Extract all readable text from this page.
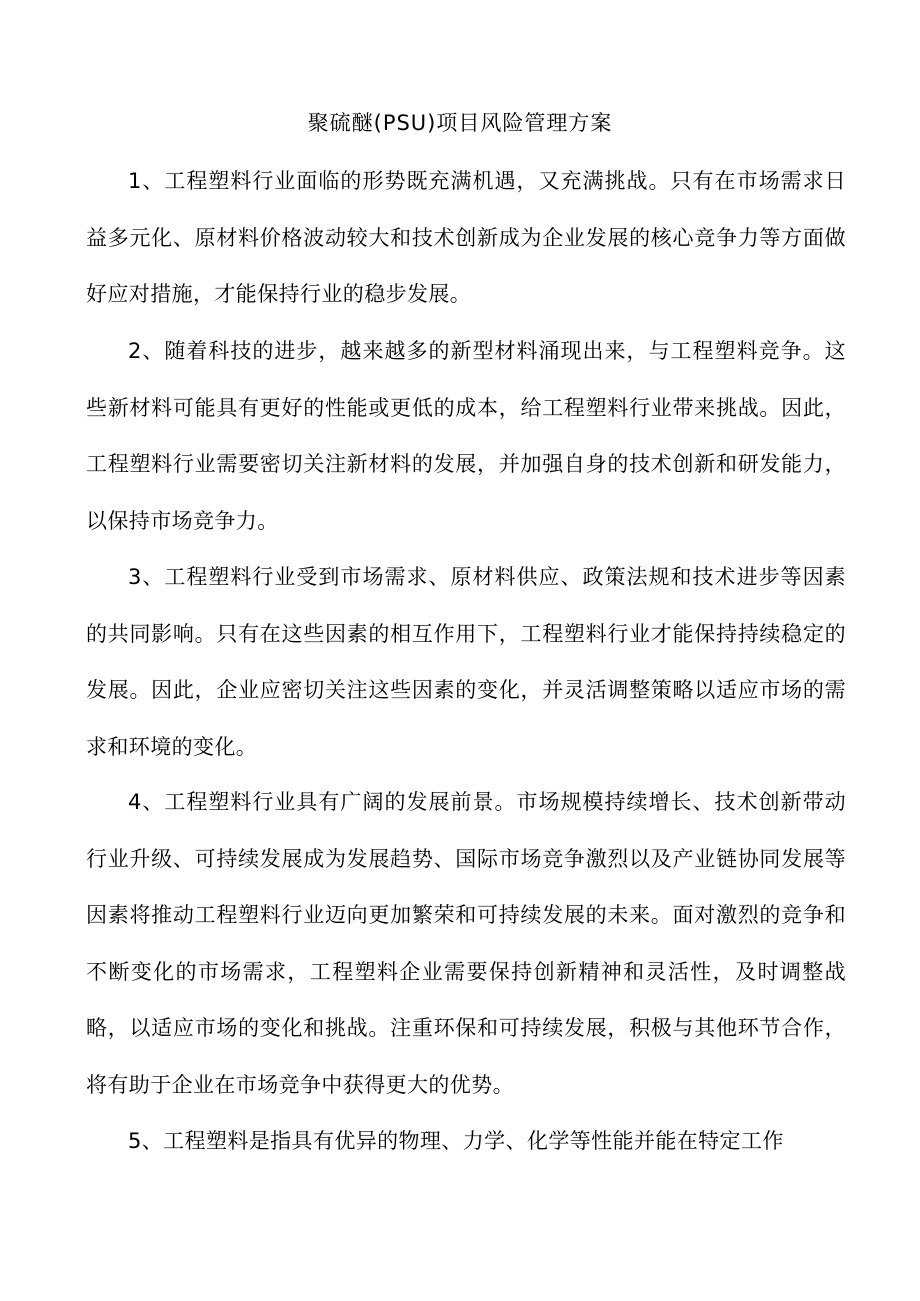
聚硫醚(PSU)项目风险管理方案

1、工程塑料行业面临的形势既充满机遇，又充满挑战。只有在市场需求日益多元化、原材料价格波动较大和技术创新成为企业发展的核心竞争力等方面做好应对措施，才能保持行业的稳步发展。

2、随着科技的进步，越来越多的新型材料涌现出来，与工程塑料竞争。这些新材料可能具有更好的性能或更低的成本，给工程塑料行业带来挑战。因此，工程塑料行业需要密切关注新材料的发展，并加强自身的技术创新和研发能力，以保持市场竞争力。

3、工程塑料行业受到市场需求、原材料供应、政策法规和技术进步等因素的共同影响。只有在这些因素的相互作用下，工程塑料行业才能保持持续稳定的发展。因此，企业应密切关注这些因素的变化，并灵活调整策略以适应市场的需求和环境的变化。

4、工程塑料行业具有广阔的发展前景。市场规模持续增长、技术创新带动行业升级、可持续发展成为发展趋势、国际市场竞争激烈以及产业链协同发展等因素将推动工程塑料行业迈向更加繁荣和可持续发展的未来。面对激烈的竞争和不断变化的市场需求，工程塑料企业需要保持创新精神和灵活性，及时调整战略，以适应市场的变化和挑战。注重环保和可持续发展，积极与其他环节合作，将有助于企业在市场竞争中获得更大的优势。

5、工程塑料是指具有优异的物理、力学、化学等性能并能在特定工作
